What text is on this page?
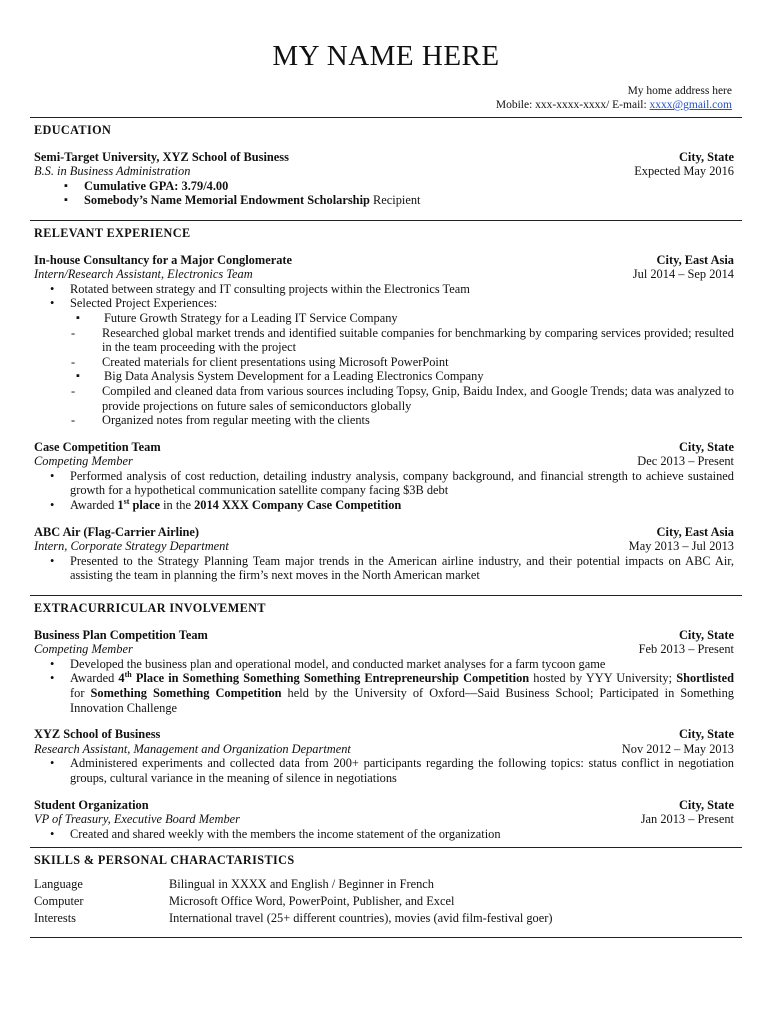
MY NAME HERE
My home address here
Mobile: xxx-xxxx-xxxx/ E-mail: xxxx@gmail.com
EDUCATION
Semi-Target University, XYZ School of Business	City, State
B.S. in Business Administration	Expected May 2016
▪ Cumulative GPA: 3.79/4.00
▪ Somebody’s Name Memorial Endowment Scholarship Recipient
RELEVANT EXPERIENCE
In-house Consultancy for a Major Conglomerate	City, East Asia
Intern/Research Assistant, Electronics Team	Jul 2014 – Sep 2014
• Rotated between strategy and IT consulting projects within the Electronics Team
• Selected Project Experiences:
▪ Future Growth Strategy for a Leading IT Service Company
- Researched global market trends and identified suitable companies for benchmarking by comparing services provided; resulted in the team proceeding with the project
- Created materials for client presentations using Microsoft PowerPoint
▪ Big Data Analysis System Development for a Leading Electronics Company
- Compiled and cleaned data from various sources including Topsy, Gnip, Baidu Index, and Google Trends; data was analyzed to provide projections on future sales of semiconductors globally
- Organized notes from regular meeting with the clients
Case Competition Team	City, State
Competing Member	Dec 2013 – Present
• Performed analysis of cost reduction, detailing industry analysis, company background, and financial strength to achieve sustained growth for a hypothetical communication satellite company facing $3B debt
• Awarded 1st place in the 2014 XXX Company Case Competition
ABC Air (Flag-Carrier Airline)	City, East Asia
Intern, Corporate Strategy Department	May 2013 – Jul 2013
• Presented to the Strategy Planning Team major trends in the American airline industry, and their potential impacts on ABC Air, assisting the team in planning the firm’s next moves in the North American market
EXTRACURRICULAR INVOLVEMENT
Business Plan Competition Team	City, State
Competing Member	Feb 2013 – Present
• Developed the business plan and operational model, and conducted market analyses for a farm tycoon game
• Awarded 4th Place in Something Something Something Entrepreneurship Competition hosted by YYY University; Shortlisted for Something Something Competition held by the University of Oxford—Said Business School; Participated in Something Innovation Challenge
XYZ School of Business	City, State
Research Assistant, Management and Organization Department	Nov 2012 – May 2013
• Administered experiments and collected data from 200+ participants regarding the following topics: status conflict in negotiation groups, cultural variance in the meaning of silence in negotiations
Student Organization	City, State
VP of Treasury, Executive Board Member	Jan 2013 – Present
• Created and shared weekly with the members the income statement of the organization
SKILLS & PERSONAL CHARACTARISTICS
Language	Bilingual in XXXX and English / Beginner in French
Computer	Microsoft Office Word, PowerPoint, Publisher, and Excel
Interests	International travel (25+ different countries), movies (avid film-festival goer)
